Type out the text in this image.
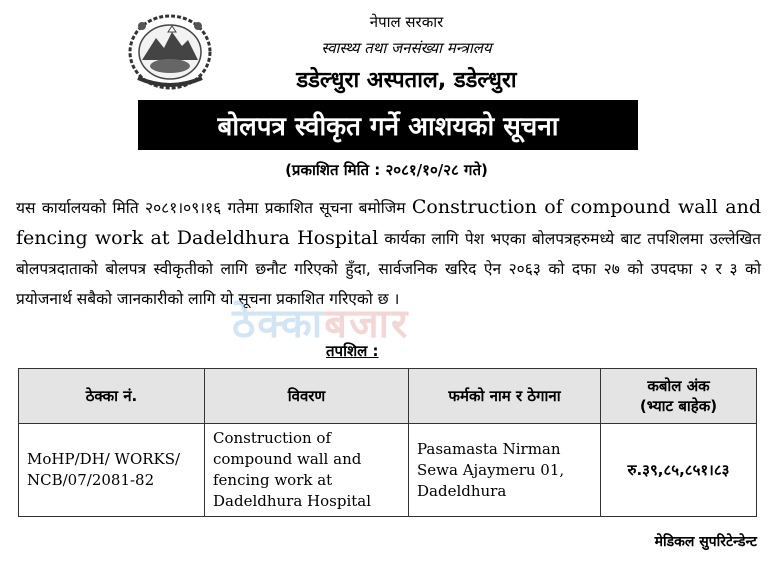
नेपाल सरकार
स्वास्थ्य तथा जनसंख्या मन्त्रालय
डडेल्धुरा अस्पताल, डडेल्धुरा
बोलपत्र स्वीकृत गर्ने आशयको सूचना
(प्रकाशित मिति : २०८१/१०/२८ गते)
यस कार्यालयको मिति २०८१।०९।१६ गतेमा प्रकाशित सूचना बमोजिम Construction of compound wall and fencing work at Dadeldhura Hospital कार्यका लागि पेश भएका बोलपत्रहरुमध्ये बाट तपशिलमा उल्लेखित बोलपत्रदाताको बोलपत्र स्वीकृतीको लागि छनौट गरिएको हुँदा, सार्वजनिक खरिद ऐन २०६३ को दफा २७ को उपदफा २ र ३ को प्रयोजनार्थ सबैको जानकारीको लागि यो सूचना प्रकाशित गरिएको छ ।
ठेक्काबजार
तपशिल :
ठेक्का नं.	विवरण	फर्मको नाम र ठेगाना	कबोल अंक
(भ्याट बाहेक)

MoHP/DH/ WORKS/ NCB/07/2081-82	Construction of compound wall and fencing work at Dadeldhura Hospital	Pasamasta Nirman Sewa Ajaymeru 01, Dadeldhura	रु.३९,८५,८५१।८३
मेडिकल सुपरिटेन्डेन्ट
